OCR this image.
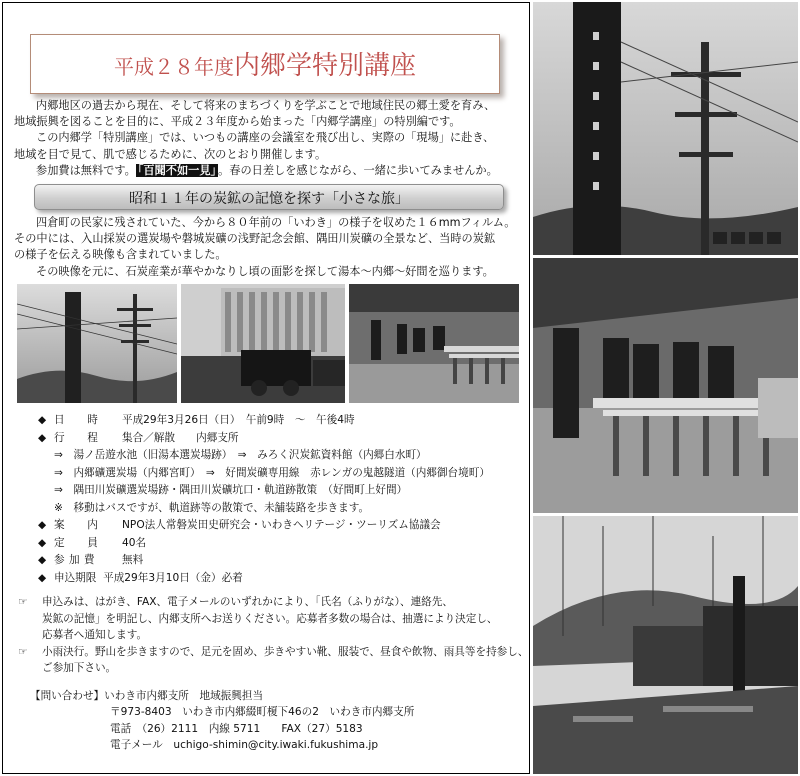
平成２８年度内郷学特別講座
内郷地区の過去から現在、そして将来のまちづくりを学ぶことで地域住民の郷土愛を育み、
地域振興を図ることを目的に、平成２３年度から始まった「内郷学講座」の特別編です。
この内郷学「特別講座」では、いつもの講座の会議室を飛び出し、実際の「現場」に赴き、
地域を目で見て、肌で感じるために、次のとおり開催します。
参加費は無料です。 「百聞不如一見」 。春の日差しを感じながら、一緒に歩いてみませんか。
昭和１１年の炭鉱の記憶を探す「小さな旅」
四倉町の民家に残されていた、今から８０年前の「いわき」の様子を収めた１６mmフィルム。
その中には、入山採炭の選炭場や磐城炭礦の浅野記念会館、隅田川炭礦の全景など、当時の炭鉱
の様子を伝える映像も含まれていました。
その映像を元に、石炭産業が華やかなりし頃の面影を探して湯本～内郷～好間を巡ります。
◆ 日　　時 平成29年3月26日（日）　午前9時　～　午後4時
◆ 行　　程 集合／解散　　内郷支所
⇒　湯ノ岳遊水池（旧湯本選炭場跡）　⇒　みろく沢炭鉱資料館（内郷白水町）
⇒　内郷礦選炭場（内郷宮町）　⇒　好間炭礦専用線　赤レンガの鬼越隧道（内郷御台境町）
⇒　隅田川炭礦選炭場跡・隅田川炭礦坑口・軌道跡散策　（好間町上好間）
※　移動はバスですが、軌道跡等の散策で、未舗装路を歩きます。
◆ 案　　内 NPO法人常磐炭田史研究会・いわきヘリテージ・ツーリズム協議会
◆ 定　　員 40名
◆ 参 加 費	無料
◆ 申込期限 平成29年3月10日（金）必着
☞ 申込みは、はがき、FAX、電子メールのいずれかにより、「氏名（ふりがな）、連絡先、
炭鉱の記憶」を明記し、内郷支所へお送りください。応募者多数の場合は、抽選により決定し、
応募者へ通知します。
☞ 小雨決行。野山を歩きますので、足元を固め、歩きやすい靴、服装で、昼食や飲物、雨具等を持参し、
ご参加下さい。
【問い合わせ】いわき市内郷支所　地域振興担当
〒973-8403　いわき市内郷綴町榎下46の2　いわき市内郷支所
電話　（26）2111　内線 5711　　FAX（27）5183
電子メール　uchigo-shimin@city.iwaki.fukushima.jp
